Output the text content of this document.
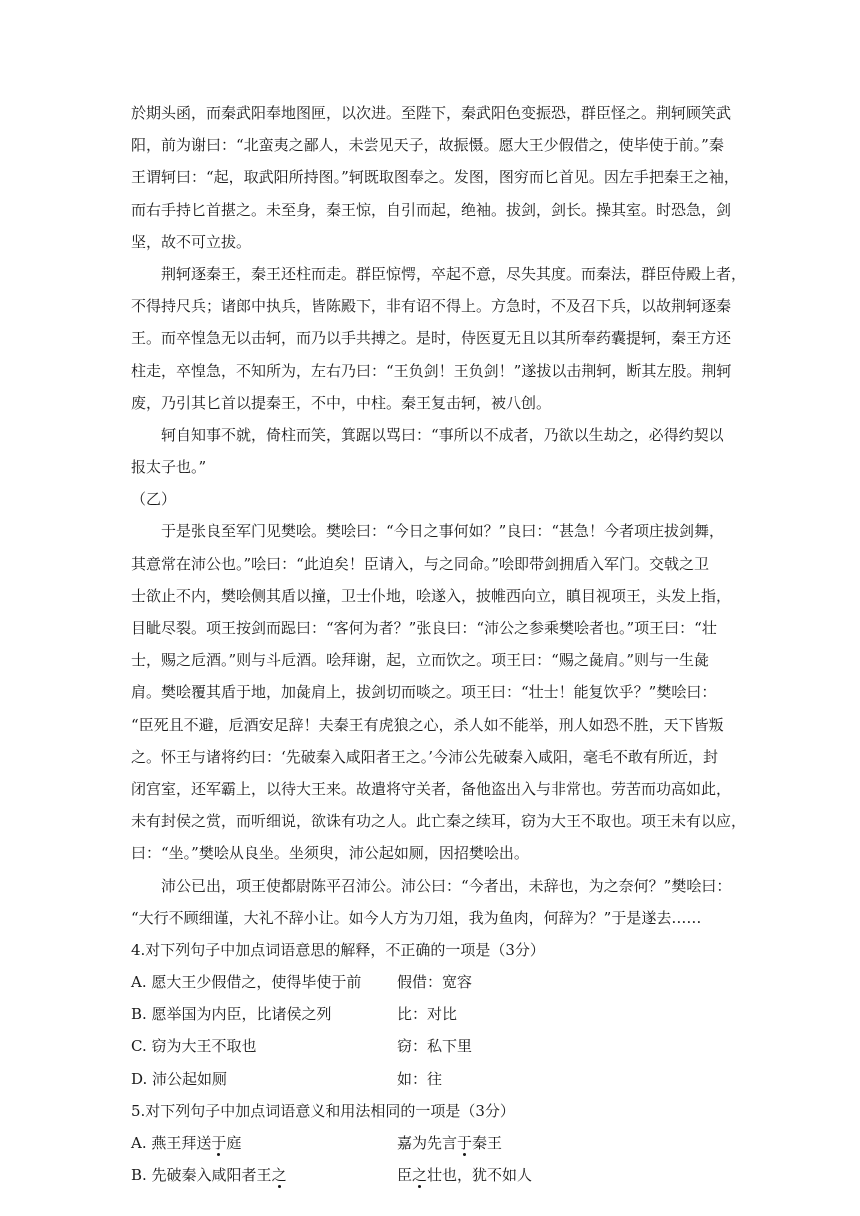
於期头函，而秦武阳奉地图匣，以次进。至陛下，秦武阳色变振恐，群臣怪之。荆轲顾笑武
阳，前为谢曰：“北蛮夷之鄙人，未尝见天子，故振慑。愿大王少假借之，使毕使于前。”秦
王谓轲曰：“起，取武阳所持图。”轲既取图奉之。发图，图穷而匕首见。因左手把秦王之袖，
而右手持匕首揕之。未至身，秦王惊，自引而起，绝袖。拔剑，剑长。操其室。时恐急，剑
坚，故不可立拔。
荆轲逐秦王，秦王还柱而走。群臣惊愕，卒起不意，尽失其度。而秦法，群臣侍殿上者，
不得持尺兵；诸郎中执兵，皆陈殿下，非有诏不得上。方急时，不及召下兵，以故荆轲逐秦
王。而卒惶急无以击轲，而乃以手共搏之。是时，侍医夏无且以其所奉药囊提轲，秦王方还
柱走，卒惶急，不知所为，左右乃曰：“王负剑！王负剑！”遂拔以击荆轲，断其左股。荆轲
废，乃引其匕首以提秦王，不中，中柱。秦王复击轲，被八创。
轲自知事不就，倚柱而笑，箕踞以骂曰：“事所以不成者，乃欲以生劫之，必得约契以
报太子也。”
（乙）
于是张良至军门见樊哙。樊哙曰：“今日之事何如？”良曰：“甚急！今者项庄拔剑舞，
其意常在沛公也。”哙曰：“此迫矣！臣请入，与之同命。”哙即带剑拥盾入军门。交戟之卫
士欲止不内，樊哙侧其盾以撞，卫士仆地，哙遂入，披帷西向立，瞋目视项王，头发上指，
目眦尽裂。项王按剑而跽曰：“客何为者？”张良曰：“沛公之参乘樊哙者也。”项王曰：“壮
士，赐之卮酒。”则与斗卮酒。哙拜谢，起，立而饮之。项王曰：“赐之彘肩。”则与一生彘
肩。樊哙覆其盾于地，加彘肩上，拔剑切而啖之。项王曰：“壮士！能复饮乎？”樊哙曰：
“臣死且不避，卮酒安足辞！夫秦王有虎狼之心，杀人如不能举，刑人如恐不胜，天下皆叛
之。怀王与诸将约曰：‘先破秦入咸阳者王之。’今沛公先破秦入咸阳，毫毛不敢有所近，封
闭宫室，还军霸上，以待大王来。故遣将守关者，备他盗出入与非常也。劳苦而功高如此，
未有封侯之赏，而听细说，欲诛有功之人。此亡秦之续耳，窃为大王不取也。项王未有以应，
曰：“坐。”樊哙从良坐。坐须臾，沛公起如厕，因招樊哙出。
沛公已出，项王使都尉陈平召沛公。沛公曰：“今者出，未辞也，为之奈何？”樊哙曰：
“大行不顾细谨，大礼不辞小让。如今人方为刀俎，我为鱼肉，何辞为？”于是遂去……
4.对下列句子中加点词语意思的解释，不正确的一项是（3分）
A. 愿大王少假借之，使得毕使于前 假借：宽容
B. 愿举国为内臣，比诸侯之列	比：对比
C. 窃为大王不取也	窃：私下里
D. 沛公起如厕	如：往
5.对下列句子中加点词语意义和用法相同的一项是（3分）
A. 燕王拜送于庭	嘉为先言于秦王
B. 先破秦入咸阳者王之	臣之壮也，犹不如人
